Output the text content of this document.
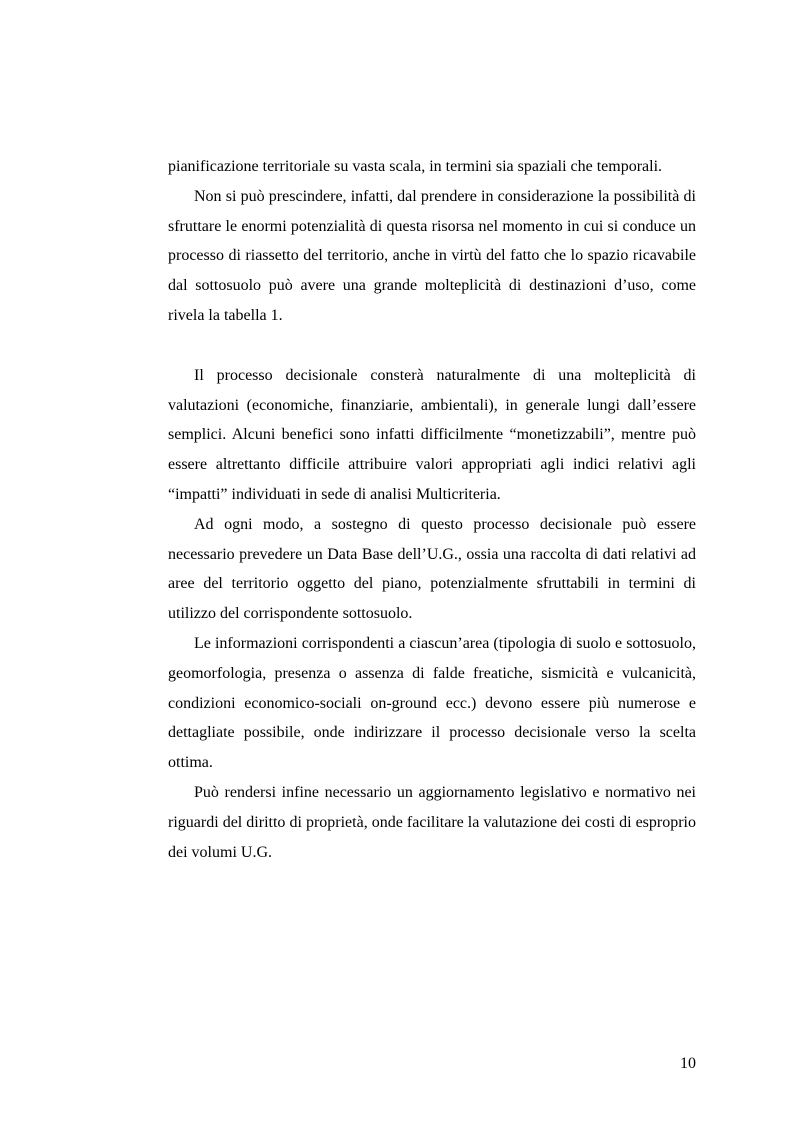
pianificazione territoriale su vasta scala, in termini sia spaziali che temporali.

Non si può prescindere, infatti, dal prendere in considerazione la possibilità di sfruttare le enormi potenzialità di questa risorsa nel momento in cui si conduce un processo di riassetto del territorio, anche in virtù del fatto che lo spazio ricavabile dal sottosuolo può avere una grande molteplicità di destinazioni d’uso, come rivela la tabella 1.

Il processo decisionale consterà naturalmente di una molteplicità di valutazioni (economiche, finanziarie, ambientali), in generale lungi dall’essere semplici. Alcuni benefici sono infatti difficilmente “monetizzabili”, mentre può essere altrettanto difficile attribuire valori appropriati agli indici relativi agli “impatti” individuati in sede di analisi Multicriteria.

Ad ogni modo, a sostegno di questo processo decisionale può essere necessario prevedere un Data Base dell’U.G., ossia una raccolta di dati relativi ad aree del territorio oggetto del piano, potenzialmente sfruttabili in termini di utilizzo del corrispondente sottosuolo.

Le informazioni corrispondenti a ciascun’area (tipologia di suolo e sottosuolo, geomorfologia, presenza o assenza di falde freatiche, sismicità e vulcanicità, condizioni economico-sociali on-ground ecc.) devono essere più numerose e dettagliate possibile, onde indirizzare il processo decisionale verso la scelta ottima.

Può rendersi infine necessario un aggiornamento legislativo e normativo nei riguardi del diritto di proprietà, onde facilitare la valutazione dei costi di esproprio dei volumi U.G.

10
